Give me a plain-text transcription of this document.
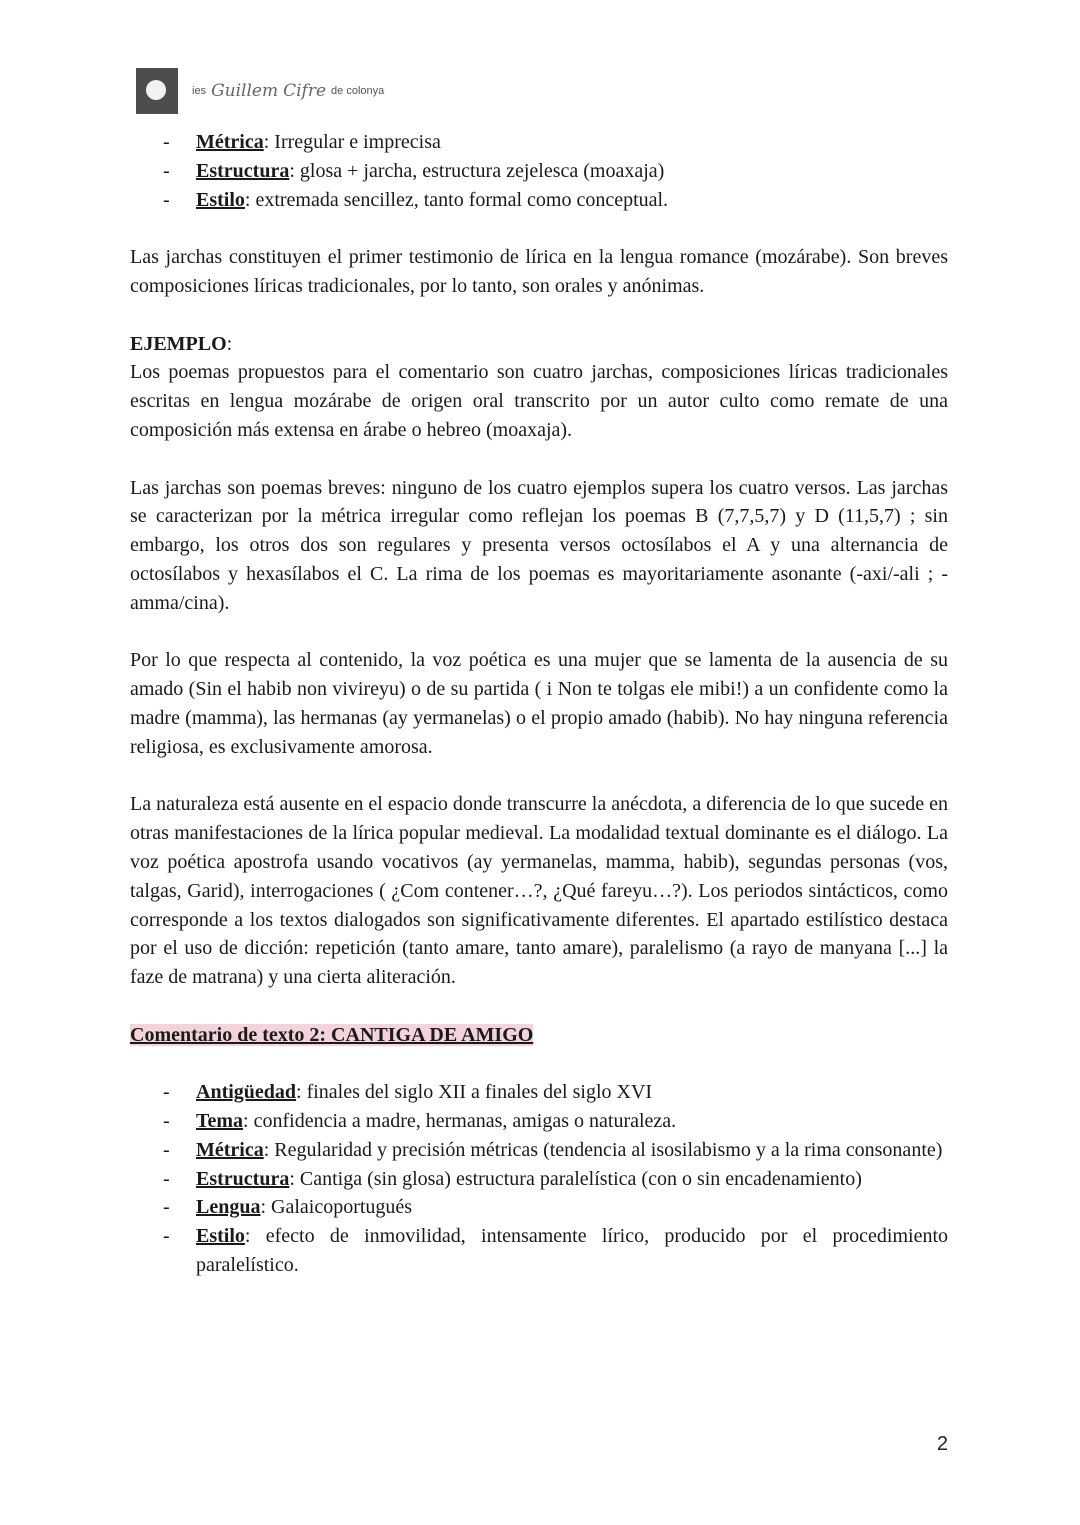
ies Guillem Cifre de colonya
- Métrica: Irregular e imprecisa
- Estructura: glosa + jarcha, estructura zejelesca (moaxaja)
- Estilo: extremada sencillez, tanto formal como conceptual.

Las jarchas constituyen el primer testimonio de lírica en la lengua romance (mozárabe). Son breves composiciones líricas tradicionales, por lo tanto, son orales y anónimas.

EJEMPLO:

Los poemas propuestos para el comentario son cuatro jarchas, composiciones líricas tradicionales escritas en lengua mozárabe de origen oral transcrito por un autor culto como remate de una composición más extensa en árabe o hebreo (moaxaja).

Las jarchas son poemas breves: ninguno de los cuatro ejemplos supera los cuatro versos. Las jarchas se caracterizan por la métrica irregular como reflejan los poemas B (7,7,5,7) y D (11,5,7) ; sin embargo, los otros dos son regulares y presenta versos octosílabos el A y una alternancia de octosílabos y hexasílabos el C. La rima de los poemas es mayoritariamente asonante (-axi/-ali ; -amma/cina).

Por lo que respecta al contenido, la voz poética es una mujer que se lamenta de la ausencia de su amado (Sin el habib non vivireyu) o de su partida ( i Non te tolgas ele mibi!) a un confidente como la madre (mamma), las hermanas (ay yermanelas) o el propio amado (habib). No hay ninguna referencia religiosa, es exclusivamente amorosa.

La naturaleza está ausente en el espacio donde transcurre la anécdota, a diferencia de lo que sucede en otras manifestaciones de la lírica popular medieval. La modalidad textual dominante es el diálogo. La voz poética apostrofa usando vocativos (ay yermanelas, mamma, habib), segundas personas (vos, talgas, Garid), interrogaciones ( ¿Com contener…?, ¿Qué fareyu…?). Los periodos sintácticos, como corresponde a los textos dialogados son significativamente diferentes. El apartado estilístico destaca por el uso de dicción: repetición (tanto amare, tanto amare), paralelismo (a rayo de manyana [...] la faze de matrana) y una cierta aliteración.

Comentario de texto 2: CANTIGA DE AMIGO

- Antigüedad: finales del siglo XII a finales del siglo XVI
- Tema: confidencia a madre, hermanas, amigas o naturaleza.
- Métrica: Regularidad y precisión métricas (tendencia al isosilabismo y a la rima consonante)
- Estructura: Cantiga (sin glosa) estructura paralelística (con o sin encadenamiento)
- Lengua: Galaicoportugués
- Estilo: efecto de inmovilidad, intensamente lírico, producido por el procedimiento paralelístico.
2
